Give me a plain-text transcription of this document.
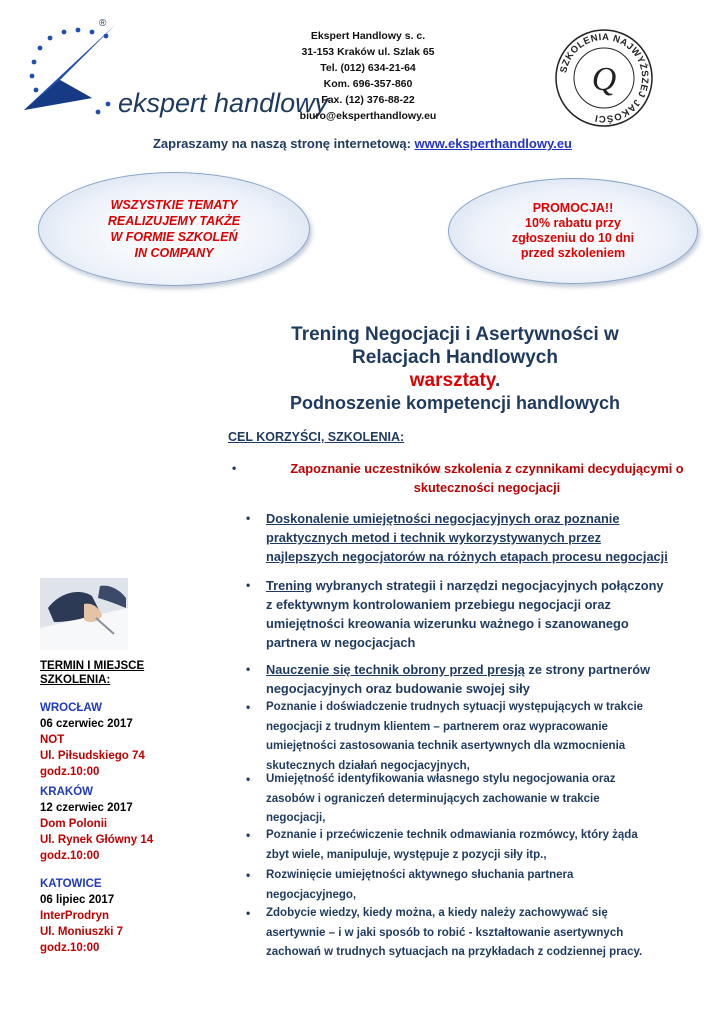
®
ekspert handlowy
Ekspert Handlowy s. c.
31-153 Kraków ul. Szlak 65
Tel. (012) 634-21-64
Kom. 696-357-860
Fax. (12) 376-88-22
biuro@eksperthandlowy.eu
SZKOLENIA NAJWYŻSZEJ JAKOŚCI
Q
Zapraszamy na naszą stronę internetową: www.eksperthandlowy.eu
WSZYSTKIE TEMATY
REALIZUJEMY TAKŻE
W FORMIE SZKOLEŃ
IN COMPANY
PROMOCJA!!
10% rabatu przy
zgłoszeniu do 10 dni
przed szkoleniem
Trening Negocjacji i Asertywności w
Relacjach Handlowych
warsztaty.
Podnoszenie kompetencji handlowych
CEL KORZYŚCI, SZKOLENIA:
•	Zapoznanie uczestników szkolenia z czynnikami decydującymi o
skuteczności negocjacji
• Doskonalenie umiejętności negocjacyjnych oraz poznanie
praktycznych metod i technik wykorzystywanych przez
najlepszych negocjatorów na różnych etapach procesu negocjacji
• Trening wybranych strategii i narzędzi negocjacyjnych połączony
z efektywnym kontrolowaniem przebiegu negocjacji oraz
umiejętności kreowania wizerunku ważnego i szanowanego
partnera w negocjacjach
• Nauczenie się technik obrony przed presją ze strony partnerów
negocjacyjnych oraz budowanie swojej siły
• Poznanie i doświadczenie trudnych sytuacji występujących w trakcie
negocjacji z trudnym klientem – partnerem oraz wypracowanie
umiejętności zastosowania technik asertywnych dla wzmocnienia
skutecznych działań negocjacyjnych,
• Umiejętność identyfikowania własnego stylu negocjowania oraz
zasobów i ograniczeń determinujących zachowanie w trakcie
negocjacji,
• Poznanie i przećwiczenie technik odmawiania rozmówcy, który żąda
zbyt wiele, manipuluje, występuje z pozycji siły itp.,
• Rozwinięcie umiejętności aktywnego słuchania partnera
negocjacyjnego,
• Zdobycie wiedzy, kiedy można, a kiedy należy zachowywać się
asertywnie – i w jaki sposób to robić - kształtowanie asertywnych
zachowań w trudnych sytuacjach na przykładach z codziennej pracy.
TERMIN I MIEJSCE
SZKOLENIA:
WROCŁAW
06 czerwiec 2017
NOT
Ul. Piłsudskiego 74
godz.10:00
KRAKÓW
12 czerwiec 2017
Dom Polonii
Ul. Rynek Główny 14
godz.10:00
KATOWICE
06 lipiec 2017
InterProdryn
Ul. Moniuszki 7
godz.10:00
